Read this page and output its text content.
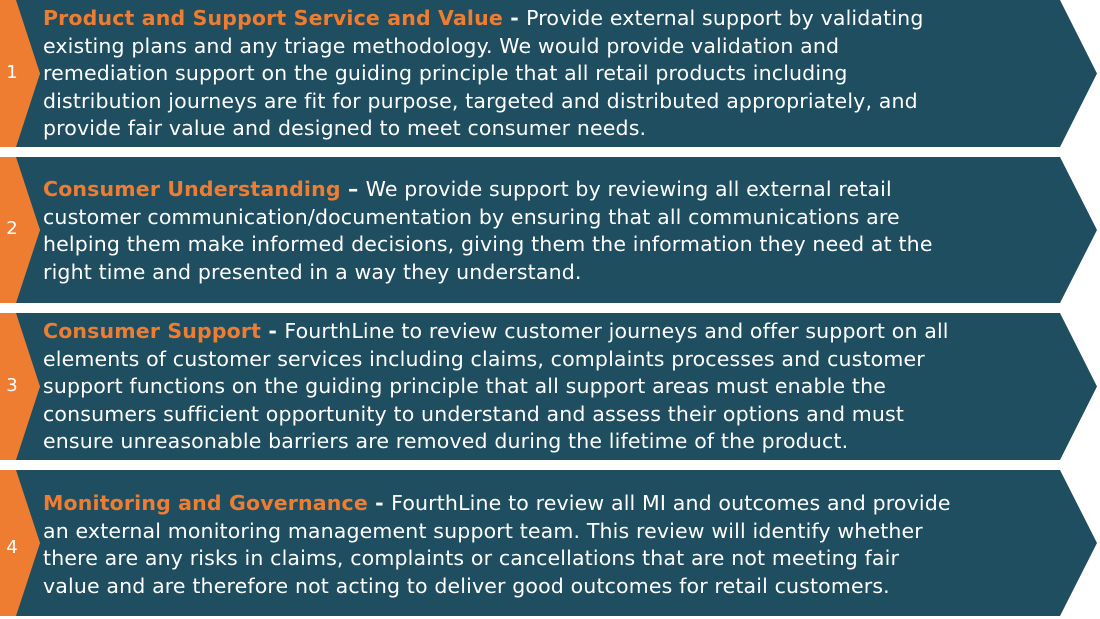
1
Product and Support Service and Value - Provide external support by validating
existing plans and any triage methodology. We would provide validation and
remediation support on the guiding principle that all retail products including
distribution journeys are fit for purpose, targeted and distributed appropriately, and
provide fair value and designed to meet consumer needs.
2
Consumer Understanding – We provide support by reviewing all external retail
customer communication/documentation by ensuring that all communications are
helping them make informed decisions, giving them the information they need at the
right time and presented in a way they understand.
3
Consumer Support - FourthLine to review customer journeys and offer support on all
elements of customer services including claims, complaints processes and customer
support functions on the guiding principle that all support areas must enable the
consumers sufficient opportunity to understand and assess their options and must
ensure unreasonable barriers are removed during the lifetime of the product.
4
Monitoring and Governance - FourthLine to review all MI and outcomes and provide
an external monitoring management support team. This review will identify whether
there are any risks in claims, complaints or cancellations that are not meeting fair
value and are therefore not acting to deliver good outcomes for retail customers.
